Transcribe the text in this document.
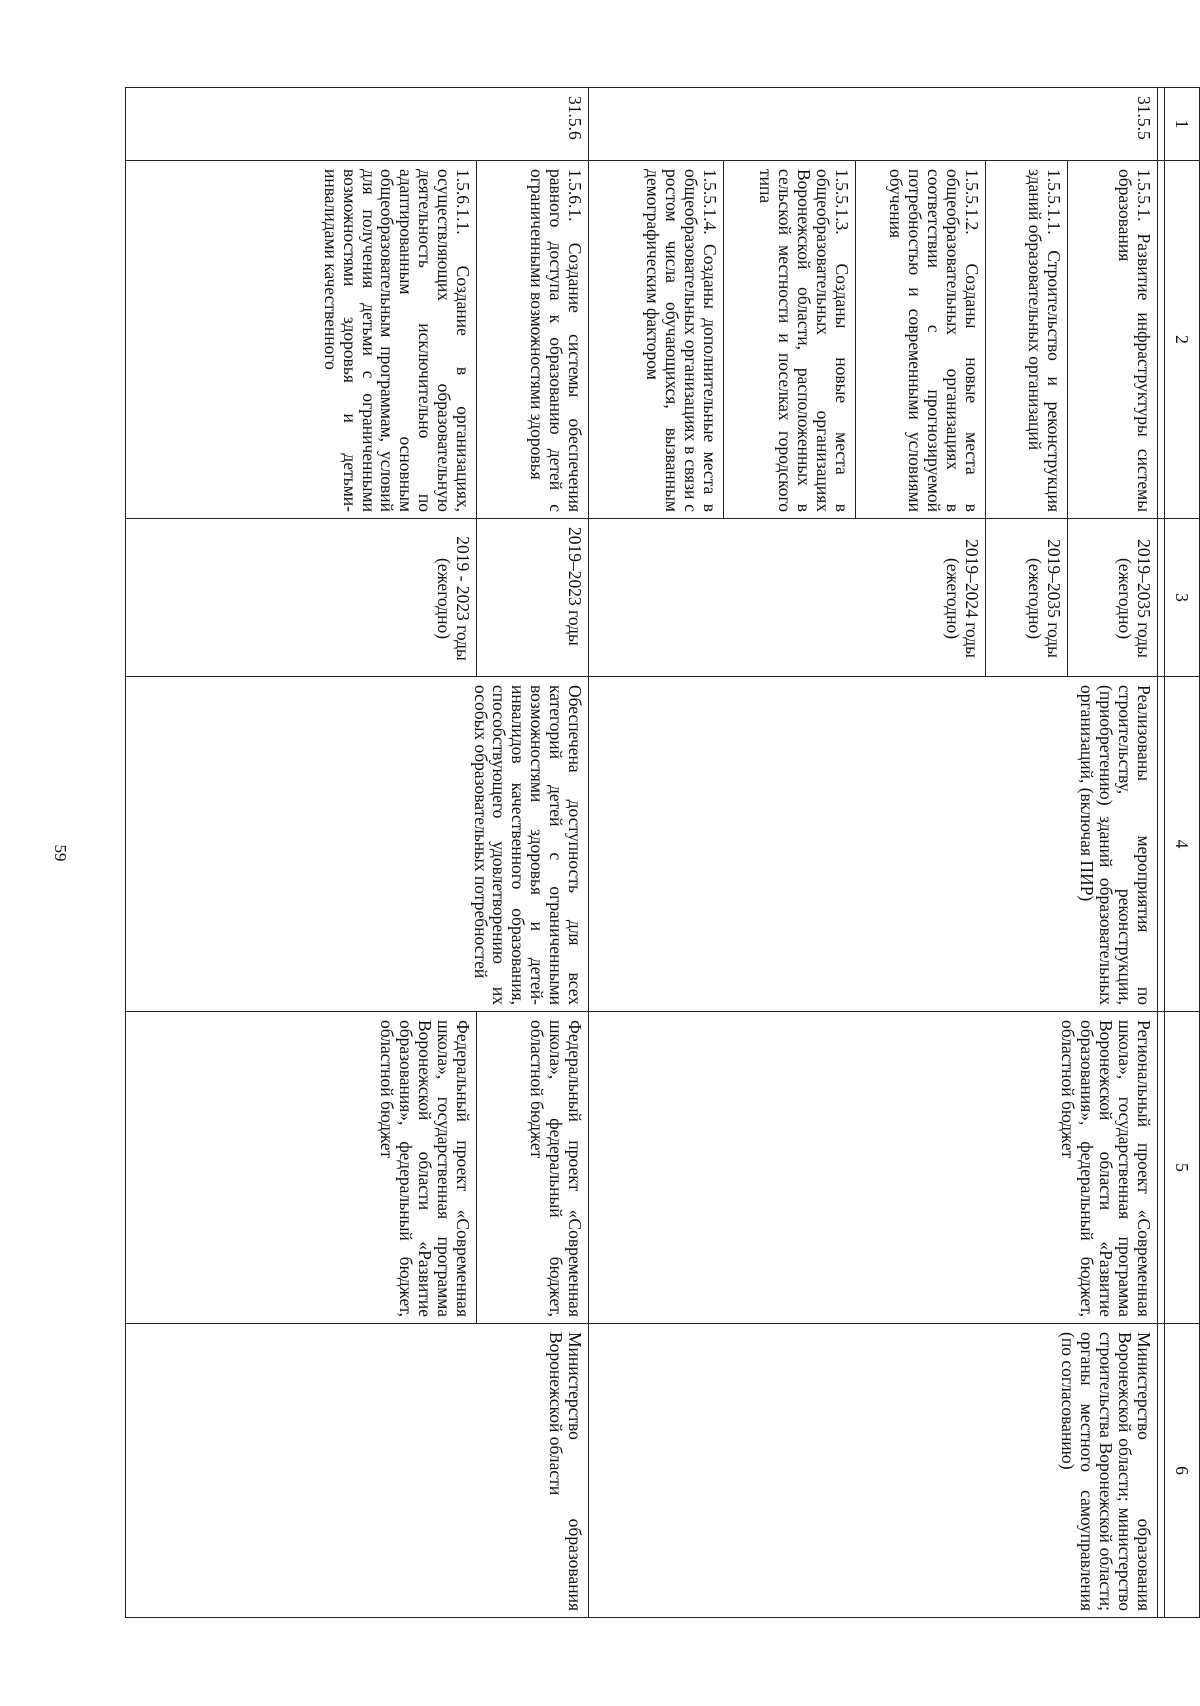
59
1	2	3	4	5	6

31.5.5	1.5.5.1. Развитие инфраструктуры системы образования	2019–2035 годы (ежегодно)	Реализованы мероприятия по строительству, реконструкции, (приобретению) зданий образовательных организаций, (включая ПИР)	Региональный проект «Современная школа», государственная программа Воронежской области «Развитие образования», федеральный бюджет, областной бюджет	Министерство образования Воронежской области; министерство строительства Воронежской области; органы местного самоуправления (по согласованию)
	1.5.5.1.1. Строительство и реконструкция зданий образовательных организаций	2019–2035 годы (ежегодно)			
	1.5.5.1.2. Созданы новые места в общеобразовательных организациях в соответствии с прогнозируемой потребностью и современными условиями обучения	2019–2024 годы (ежегодно)			
	1.5.5.1.3. Созданы новые места в общеобразовательных организациях Воронежской области, расположенных в сельской местности и поселках городского типа				
	1.5.5.1.4. Созданы дополнительные места в общеобразовательных организациях в связи с ростом числа обучающихся, вызванным демографическим фактором				
31.5.6	1.5.6.1. Создание системы обеспечения равного доступа к образованию детей с ограниченными возможностями здоровья	2019–2023 годы	Обеспечена доступность для всех категорий детей с ограниченными возможностями здоровья и детей-инвалидов качественного образования, способствующего удовлетворению их особых образовательных потребностей	Федеральный проект «Современная школа», федеральный бюджет, областной бюджет	Министерство образования Воронежской области
	1.5.6.1.1. Создание в организациях, осуществляющих образовательную деятельность исключительно по адаптированным основным общеобразовательным программам, условий для получения детьми с ограниченными возможностями здоровья и детьми-инвалидами качественного	2019 - 2023 годы (ежегодно)		Федеральный проект «Современная школа», государственная программа Воронежской области «Развитие образования», федеральный бюджет, областной бюджет	
